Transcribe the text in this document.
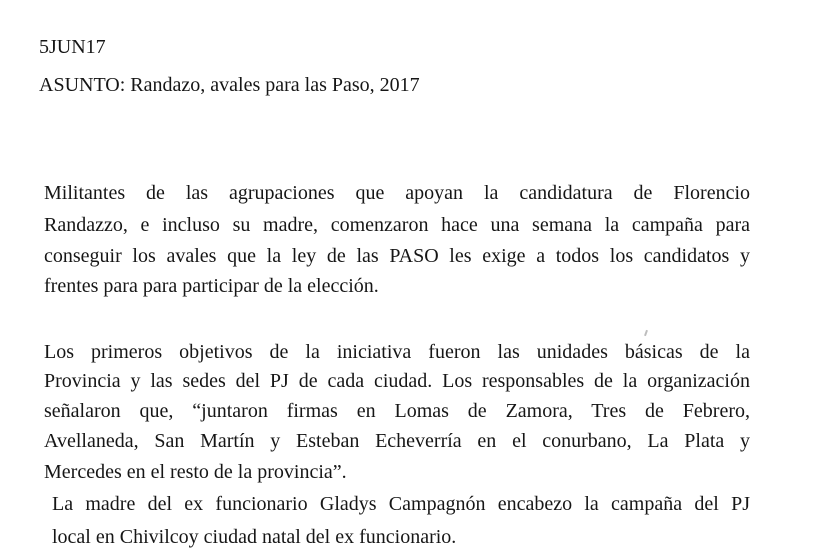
5JUN17
ASUNTO: Randazo, avales para las Paso, 2017
Militantes de las agrupaciones que apoyan la candidatura de Florencio
Randazzo, e incluso su madre, comenzaron hace una semana la campaña para
conseguir los avales que la ley de las PASO les exige a todos los candidatos y
frentes para para participar de la elección.
Los primeros objetivos de la iniciativa fueron las unidades básicas de la
Provincia y las sedes del PJ de cada ciudad. Los responsables de la organización
señalaron que, “juntaron firmas en Lomas de Zamora, Tres de Febrero,
Avellaneda, San Martín y Esteban Echeverría en el conurbano, La Plata y
Mercedes en el resto de la provincia”.
La madre del ex funcionario Gladys Campagnón encabezo la campaña del PJ
local en Chivilcoy ciudad natal del ex funcionario.
